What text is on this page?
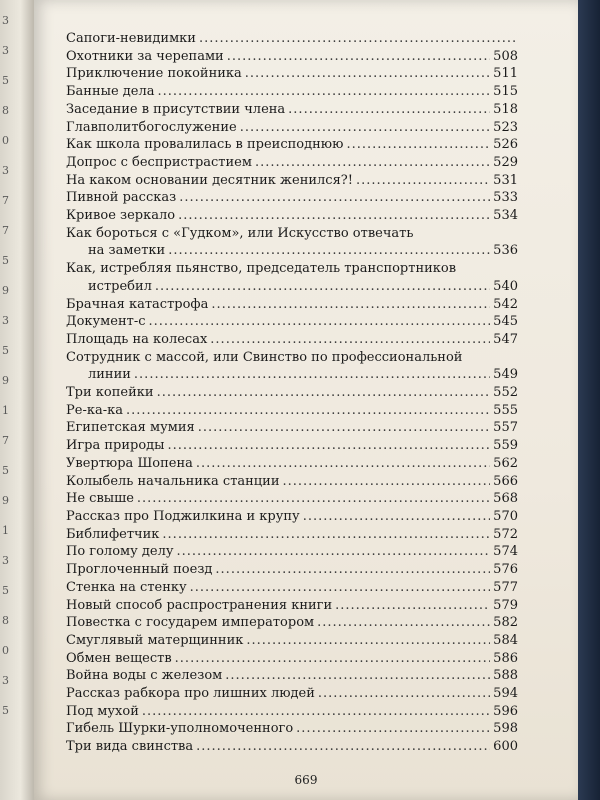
3
3
5
8
0
3
7
7
5
9
3
5
9
1
7
5
9
1
3
5
8
0
3
5
Сапоги-невидимки
.....
Охотники за черепами .....	508
Приключение покойника .....	511
Банные дела .....	515
Заседание в присутствии члена .....	518
Главполитбогослужение .....	523
Как школа провалилась в преисподнюю .....	526
Допрос с беспристрастием .....	529
На каком основании десятник женился?! .....	531
Пивной рассказ .....	533
Кривое зеркало .....	534
Как бороться с «Гудком», или Искусство отвечать
на заметки .....	536
Как, истребляя пьянство, председатель транспортников
истребил .....	540
Брачная катастрофа .....	542
Документ-с .....	545
Площадь на колесах .....	547
Сотрудник с массой, или Свинство по профессиональной
линии .....	549
Три копейки .....	552
Ре-ка-ка .....	555
Египетская мумия .....	557
Игра природы .....	559
Увертюра Шопена .....	562
Колыбель начальника станции .....	566
Не свыше .....	568
Рассказ про Поджилкина и крупу .....	570
Библифетчик .....	572
По голому делу .....	574
Проглоченный поезд .....	576
Стенка на стенку .....	577
Новый способ распространения книги .....	579
Повестка с государем императором .....	582
Смуглявый матерщинник .....	584
Обмен веществ .....	586
Война воды с железом .....	588
Рассказ рабкора про лишних людей .....	594
Под мухой .....	596
Гибель Шурки-уполномоченного .....	598
Три вида свинства .....	600
669
